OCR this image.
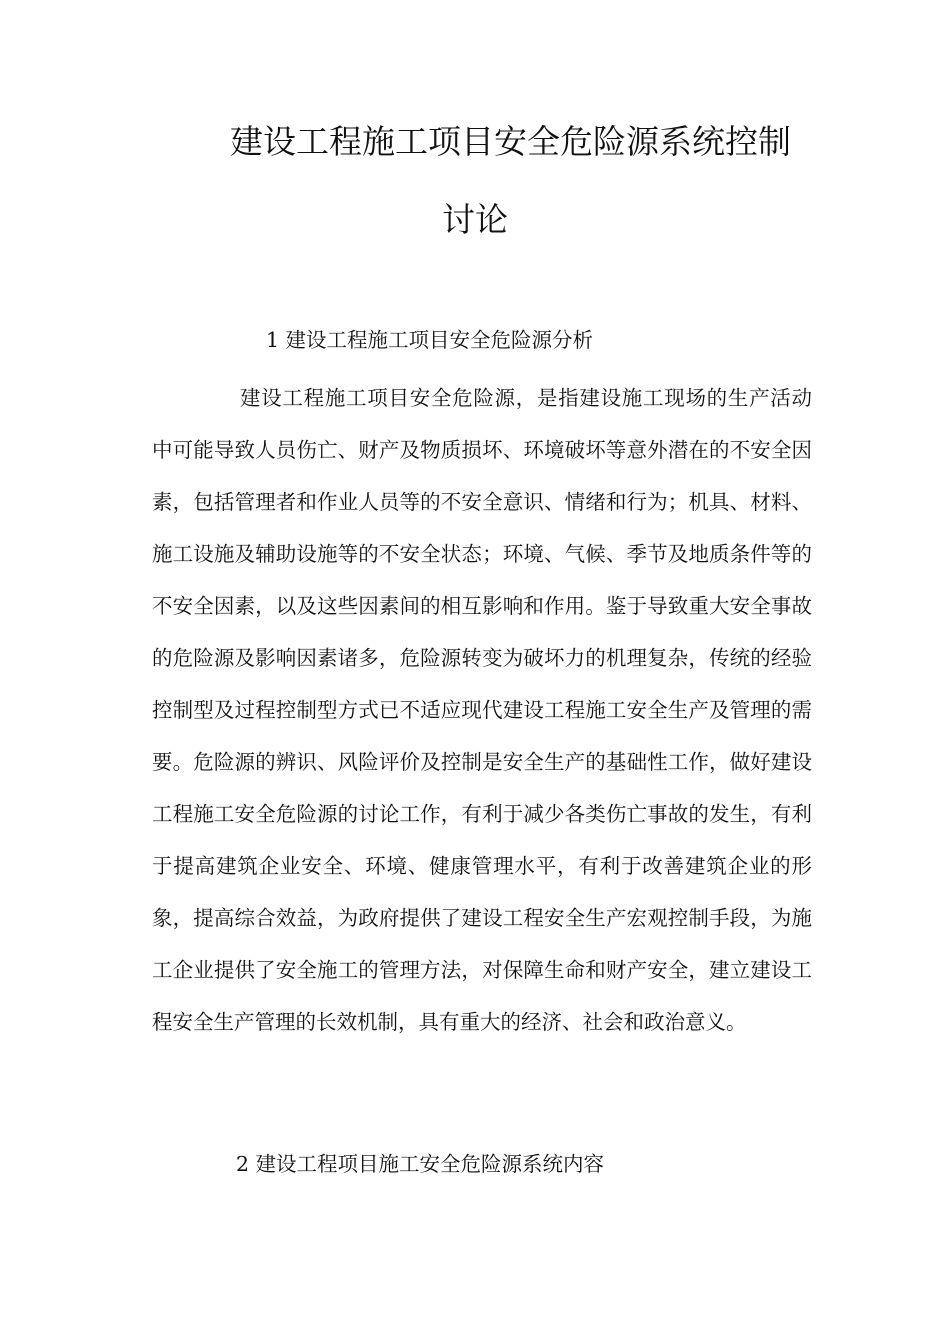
建设工程施工项目安全危险源系统控制
讨论
1 建设工程施工项目安全危险源分析

建设工程施工项目安全危险源，是指建设施工现场的生产活动中可能导致人员伤亡、财产及物质损坏、环境破坏等意外潜在的不安全因素，包括管理者和作业人员等的不安全意识、情绪和行为；机具、材料、施工设施及辅助设施等的不安全状态；环境、气候、季节及地质条件等的不安全因素，以及这些因素间的相互影响和作用。鉴于导致重大安全事故的危险源及影响因素诸多，危险源转变为破坏力的机理复杂，传统的经验控制型及过程控制型方式已不适应现代建设工程施工安全生产及管理的需要。危险源的辨识、风险评价及控制是安全生产的基础性工作，做好建设工程施工安全危险源的讨论工作，有利于减少各类伤亡事故的发生，有利于提高建筑企业安全、环境、健康管理水平，有利于改善建筑企业的形象，提高综合效益，为政府提供了建设工程安全生产宏观控制手段，为施工企业提供了安全施工的管理方法，对保障生命和财产安全，建立建设工程安全生产管理的长效机制，具有重大的经济、社会和政治意义。

2 建设工程项目施工安全危险源系统内容
